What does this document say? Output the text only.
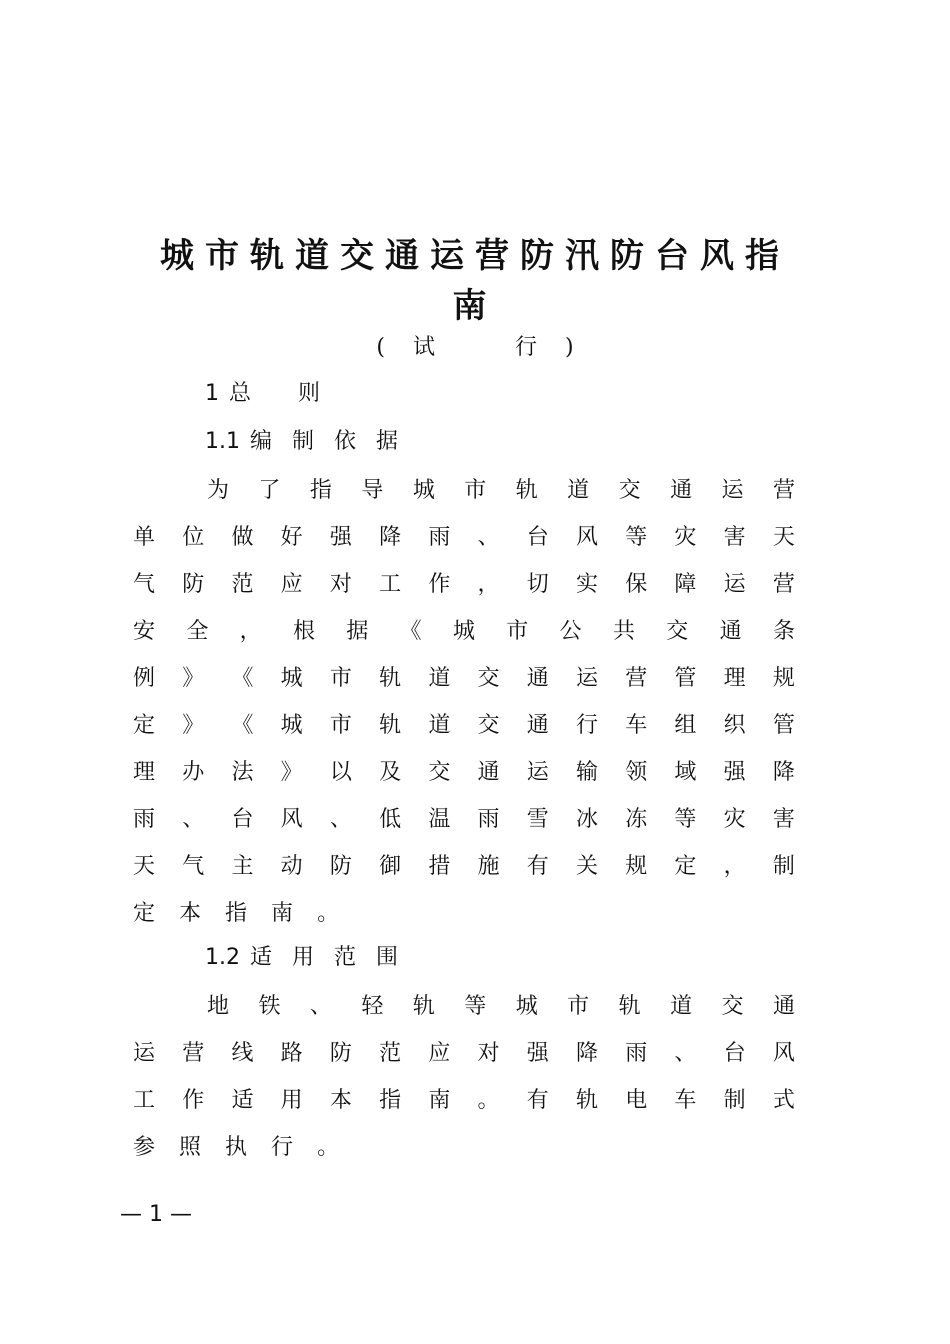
城市轨道交通运营防汛防台风指
南
( 试	行 )
1 总 则
1.1 编制依据
为 了 指 导 城 市 轨 道 交 通 运 营
单 位 做 好 强 降 雨 、 台 风 等 灾 害 天
气 防 范 应 对 工 作 ， 切 实 保 障 运 营
安 全 ， 根 据 《 城 市 公 共 交 通 条
例 》 《 城 市 轨 道 交 通 运 营 管 理 规
定 》 《 城 市 轨 道 交 通 行 车 组 织 管
理 办 法 》 以 及 交 通 运 输 领 域 强 降
雨 、 台 风 、 低 温 雨 雪 冰 冻 等 灾 害
天 气 主 动 防 御 措 施 有 关 规 定 ， 制
定 本 指 南 。
1.2 适用范围
地 铁 、 轻 轨 等 城 市 轨 道 交 通
运 营 线 路 防 范 应 对 强 降 雨 、 台 风
工 作 适 用 本 指 南 。 有 轨 电 车 制 式
参 照 执 行 。
— 1 —
